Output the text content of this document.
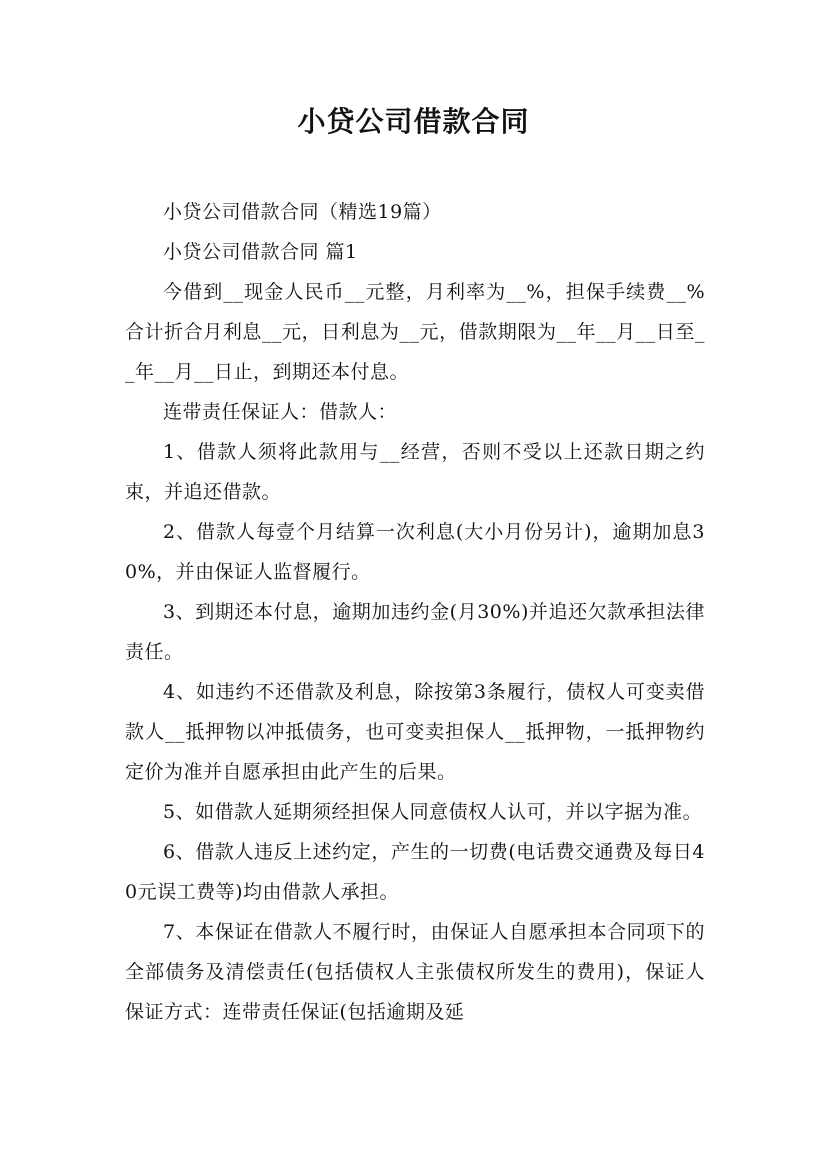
小贷公司借款合同

小贷公司借款合同（精选19篇）

小贷公司借款合同 篇1

今借到__现金人民币__元整，月利率为__%，担保手续费__%合计折合月利息__元，日利息为__元，借款期限为__年__月__日至__年__月__日止，到期还本付息。

连带责任保证人：借款人：

1、借款人须将此款用与__经营，否则不受以上还款日期之约束，并追还借款。

2、借款人每壹个月结算一次利息(大小月份另计)，逾期加息30%，并由保证人监督履行。

3、到期还本付息，逾期加违约金(月30%)并追还欠款承担法律责任。

4、如违约不还借款及利息，除按第3条履行，债权人可变卖借款人__抵押物以冲抵债务，也可变卖担保人__抵押物，一抵押物约定价为准并自愿承担由此产生的后果。

5、如借款人延期须经担保人同意债权人认可，并以字据为准。

6、借款人违反上述约定，产生的一切费(电话费交通费及每日40元误工费等)均由借款人承担。

7、本保证在借款人不履行时，由保证人自愿承担本合同项下的全部债务及清偿责任(包括债权人主张债权所发生的费用)，保证人保证方式：连带责任保证(包括逾期及延
